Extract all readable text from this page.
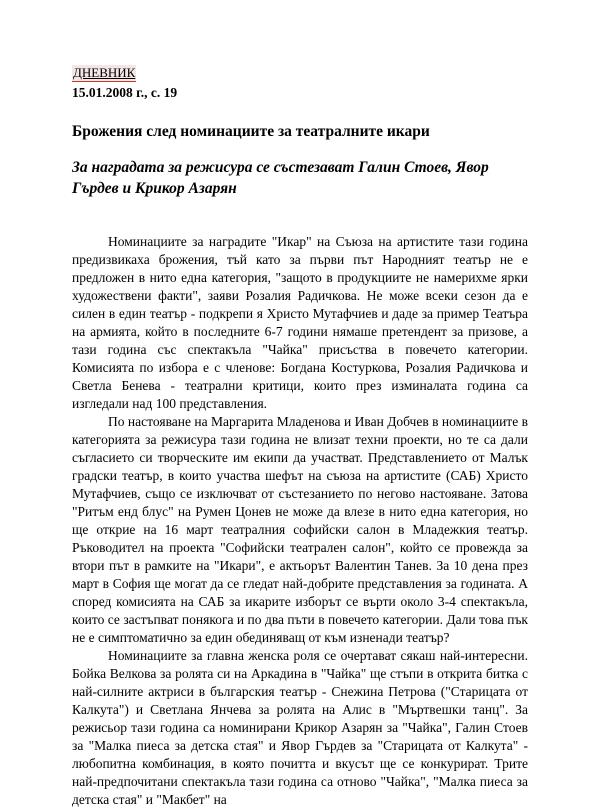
ДНЕВНИК
15.01.2008 г., с. 19
Брожения след номинациите за театралните икари
За наградата за режисура се състезават Галин Стоев, Явор Гърдев и Крикор Азарян

Номинациите за наградите "Икар" на Съюза на артистите тази година предизвикаха брожения, тъй като за първи път Народният театър не е предложен в нито една категория, "защото в продукциите не намерихме ярки художествени факти", заяви Розалия Радичкова. Не може всеки сезон да е силен в един театър - подкрепи я Христо Мутафчиев и даде за пример Театъра на армията, който в последните 6-7 години нямаше претендент за призове, а тази година със спектакъла "Чайка" присъства в повечето категории. Комисията по избора е с членове: Богдана Костуркова, Розалия Радичкова и Светла Бенева - театрални критици, които през изминалата година са изгледали над 100 представления.

По настояване на Маргарита Младенова и Иван Добчев в номинациите в категорията за режисура тази година не влизат техни проекти, но те са дали съгласието си творческите им екипи да участват. Представлението от Малък градски театър, в които участва шефът на съюза на артистите (САБ) Христо Мутафчиев, също се изключват от състезанието по негово настояване. Затова "Ритъм енд блус" на Румен Цонев не може да влезе в нито една категория, но ще открие на 16 март театралния софийски салон в Младежкия театър. Ръководител на проекта "Софийски театрален салон", който се провежда за втори път в рамките на "Икари", е актьорът Валентин Танев. За 10 дена през март в София ще могат да се гледат най-добрите представления за годината. А според комисията на САБ за икарите изборът се върти около 3-4 спектакъла, които се застъпват понякога и по два пъти в повечето категории. Дали това пък не е симптоматично за един обединяващ от към изненади театър?

Номинациите за главна женска роля се очертават сякаш най-интересни. Бойка Велкова за ролята си на Аркадина в "Чайка" ще стъпи в открита битка с най-силните актриси в българския театър - Снежина Петрова ("Старицата от Калкута") и Светлана Янчева за ролята на Алис в "Мъртвешки танц". За режисьор тази година са номинирани Крикор Азарян за "Чайка", Галин Стоев за "Малка пиеса за детска стая" и Явор Гърдев за "Старицата от Калкута" - любопитна комбинация, в която почитта и вкусът ще се конкурират. Трите най-предпочитани спектакъла тази година са отново "Чайка", "Малка пиеса за детска стая" и "Макбет" на
